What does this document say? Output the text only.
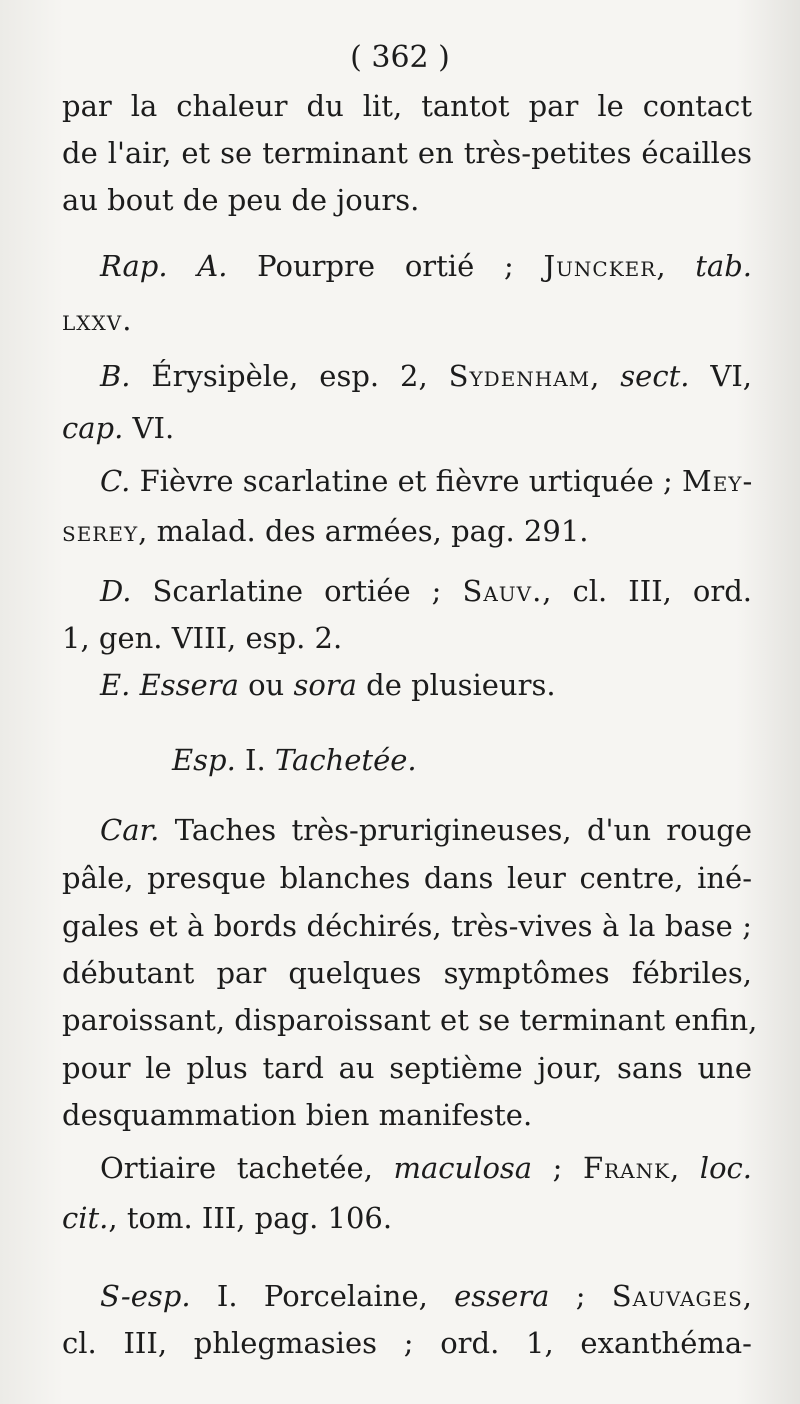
( 362 )
par la chaleur du lit, tantot par le contact
de l'air, et se terminant en très-petites écailles
au bout de peu de jours.
Rap. A. Pourpre ortié ; Juncker, tab.
lxxv.
B. Érysipèle, esp. 2, Sydenham, sect. VI,
cap. VI.
C. Fièvre scarlatine et fièvre urtiquée ; Mey-
serey, malad. des armées, pag. 291.
D. Scarlatine ortiée ; Sauv., cl. III, ord.
1, gen. VIII, esp. 2.
E. Essera ou sora de plusieurs.
Esp. I. Tachetée.
Car. Taches très-prurigineuses, d'un rouge
pâle, presque blanches dans leur centre, iné-
gales et à bords déchirés, très-vives à la base ;
débutant par quelques symptômes fébriles,
paroissant, disparoissant et se terminant enfin,
pour le plus tard au septième jour, sans une
desquammation bien manifeste.
Ortiaire tachetée, maculosa ; Frank, loc.
cit., tom. III, pag. 106.
S-esp. I. Porcelaine, essera ; Sauvages,
cl. III, phlegmasies ; ord. 1, exanthéma-
